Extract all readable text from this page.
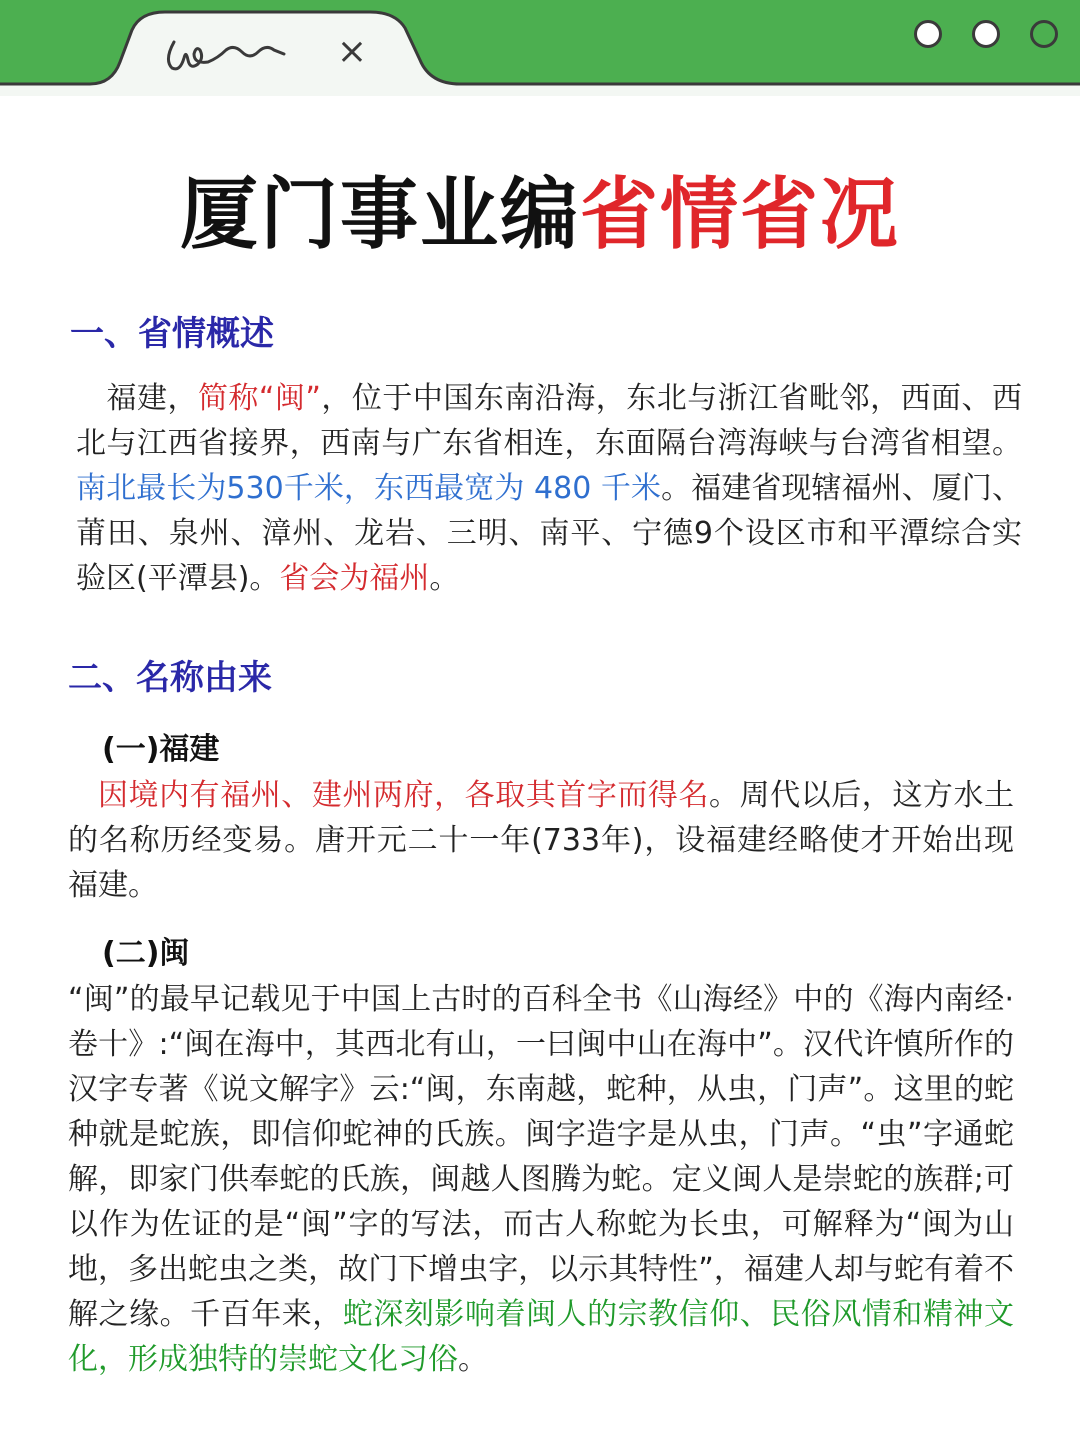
×
厦门事业编省情省况
一、省情概述
　福建，简称“闽”，位于中国东南沿海，东北与浙江省毗邻，西面、西北与江西省接界，西南与广东省相连，东面隔台湾海峡与台湾省相望。南北最长为530千米，东西最宽为 480 千米。福建省现辖福州、厦门、莆田、泉州、漳州、龙岩、三明、南平、宁德9个设区市和平潭综合实验区(平潭县)。省会为福州。
二、名称由来
(一)福建
因境内有福州、建州两府，各取其首字而得名。周代以后，这方水土的名称历经变易。唐开元二十一年(733年)，设福建经略使才开始出现福建。
(二)闽
“闽”的最早记载见于中国上古时的百科全书《山海经》中的《海内南经·卷十》:“闽在海中，其西北有山，一曰闽中山在海中”。汉代许慎所作的汉字专著《说文解字》云:“闽，东南越，蛇种，从虫，门声”。这里的蛇种就是蛇族，即信仰蛇神的氏族。闽字造字是从虫，门声。“虫”字通蛇解，即家门供奉蛇的氏族，闽越人图腾为蛇。定义闽人是崇蛇的族群;可以作为佐证的是“闽”字的写法，而古人称蛇为长虫，可解释为“闽为山地，多出蛇虫之类，故门下增虫字，以示其特性”，福建人却与蛇有着不解之缘。千百年来，蛇深刻影响着闽人的宗教信仰、民俗风情和精神文化，形成独特的崇蛇文化习俗。
